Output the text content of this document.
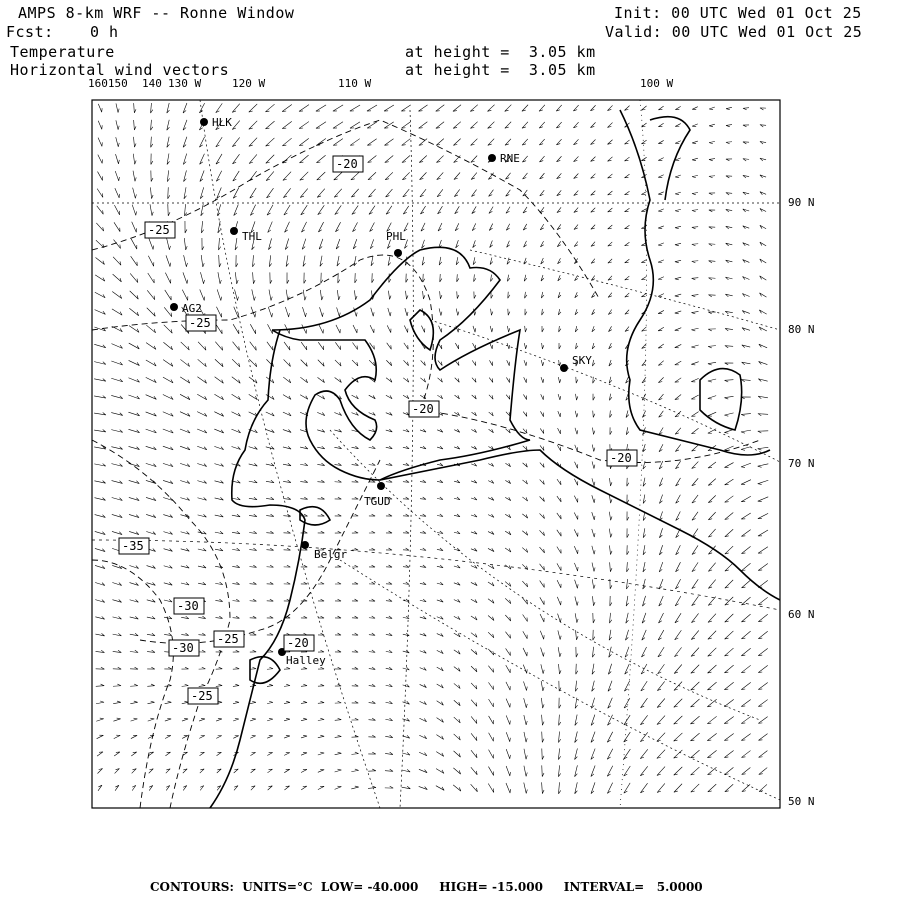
AMPS 8-km WRF -- Ronne Window	Init: 00 UTC Wed 01 Oct 25
Fcst: 0 h	Valid: 00 UTC Wed 01 Oct 25
Temperature	at height =  3.05 km
Horizontal wind vectors	at height =  3.05 km
160150 140 130 W	120 W	110 W	100 W
90 N
80 N
70 N
60 N
50 N
HLK
RNE
THL	PHL
AG2
SKY
TGUD
Belgr
Halley
-20
-25
-25
-20
-20
-35
-30
-30
-25	-20
-25
CONTOURS:  UNITS=°C  LOW= -40.000     HIGH= -15.000     INTERVAL=   5.0000
